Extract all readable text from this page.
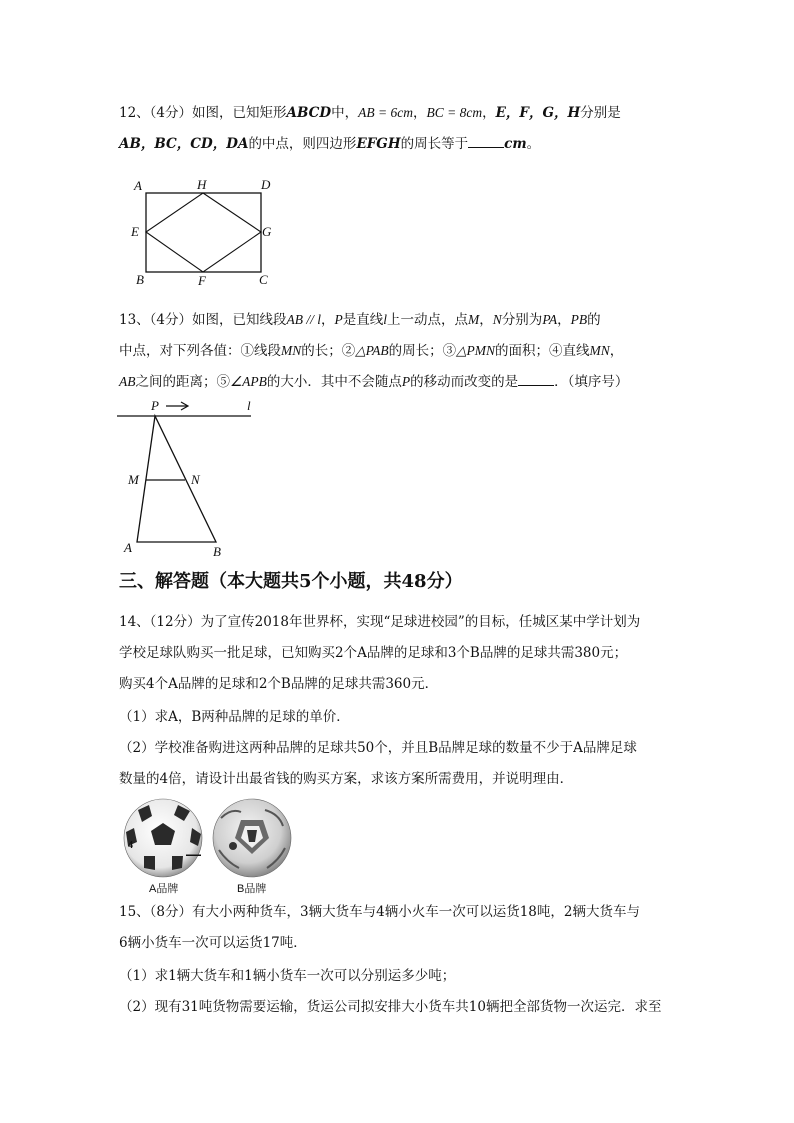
12、（4分）如图，已知矩形ABCD中，AB = 6cm，BC = 8cm，E，F，G，H分别是
AB，BC，CD，DA的中点，则四边形EFGH的周长等于	cm。
A	H	D
E	G
B	F	C
13、（4分）如图，已知线段AB // l，P是直线l上一动点，点M，N分别为PA，PB的
中点，对下列各值：①线段MN的长；②△PAB的周长；③△PMN的面积；④直线MN，
AB之间的距离；⑤∠APB的大小．其中不会随点P的移动而改变的是	．（填序号）
P	l
M	N
A	B
三、解答题（本大题共5个小题，共48分）
14、（12分）为了宣传2018年世界杯，实现“足球进校园”的目标，任城区某中学计划为
学校足球队购买一批足球，已知购买2个A品牌的足球和3个B品牌的足球共需380元；
购买4个A品牌的足球和2个B品牌的足球共需360元．
（1）求A，B两种品牌的足球的单价．
（2）学校准备购进这两种品牌的足球共50个，并且B品牌足球的数量不少于A品牌足球
数量的4倍，请设计出最省钱的购买方案，求该方案所需费用，并说明理由．
4
▬▬▬
A品牌	B品牌
15、（8分）有大小两种货车，3辆大货车与4辆小火车一次可以运货18吨，2辆大货车与
6辆小货车一次可以运货17吨．
（1）求1辆大货车和1辆小货车一次可以分别运多少吨；
（2）现有31吨货物需要运输，货运公司拟安排大小货车共10辆把全部货物一次运完．求至
